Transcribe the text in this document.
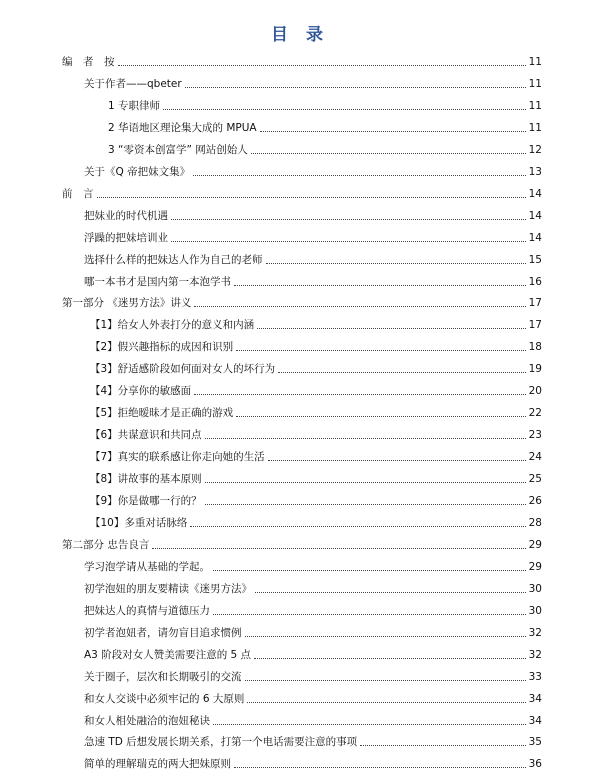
目 录
编　者　按	11
关于作者——qbeter	11
1 专职律师	11
2 华语地区理论集大成的 MPUA	11
3 “零资本创富学” 网站创始人	12
关于《Q 帝把妹文集》	13
前　言	14
把妹业的时代机遇	14
浮躁的把妹培训业	14
选择什么样的把妹达人作为自己的老师	15
哪一本书才是国内第一本泡学书	16
第一部分 《迷男方法》讲义	17
【1】给女人外表打分的意义和内涵	17
【2】假兴趣指标的成因和识别	18
【3】舒适感阶段如何面对女人的坏行为	19
【4】分享你的敏感面	20
【5】拒绝暧昧才是正确的游戏	22
【6】共谋意识和共同点	23
【7】真实的联系感让你走向她的生活	24
【8】讲故事的基本原则	25
【9】你是做哪一行的？	26
【10】多重对话脉络	28
第二部分 忠告良言	29
学习泡学请从基础的学起。	29
初学泡妞的朋友要精读《迷男方法》	30
把妹达人的真情与道德压力	30
初学者泡妞者，请勿盲目追求惯例	32
A3 阶段对女人赞美需要注意的 5 点	32
关于圈子，层次和长期吸引的交流	33
和女人交谈中必须牢记的 6 大原则	34
和女人相处融洽的泡妞秘诀	34
急速 TD 后想发展长期关系，打第一个电话需要注意的事项	35
简单的理解瑞克的两大把妹原则	36
